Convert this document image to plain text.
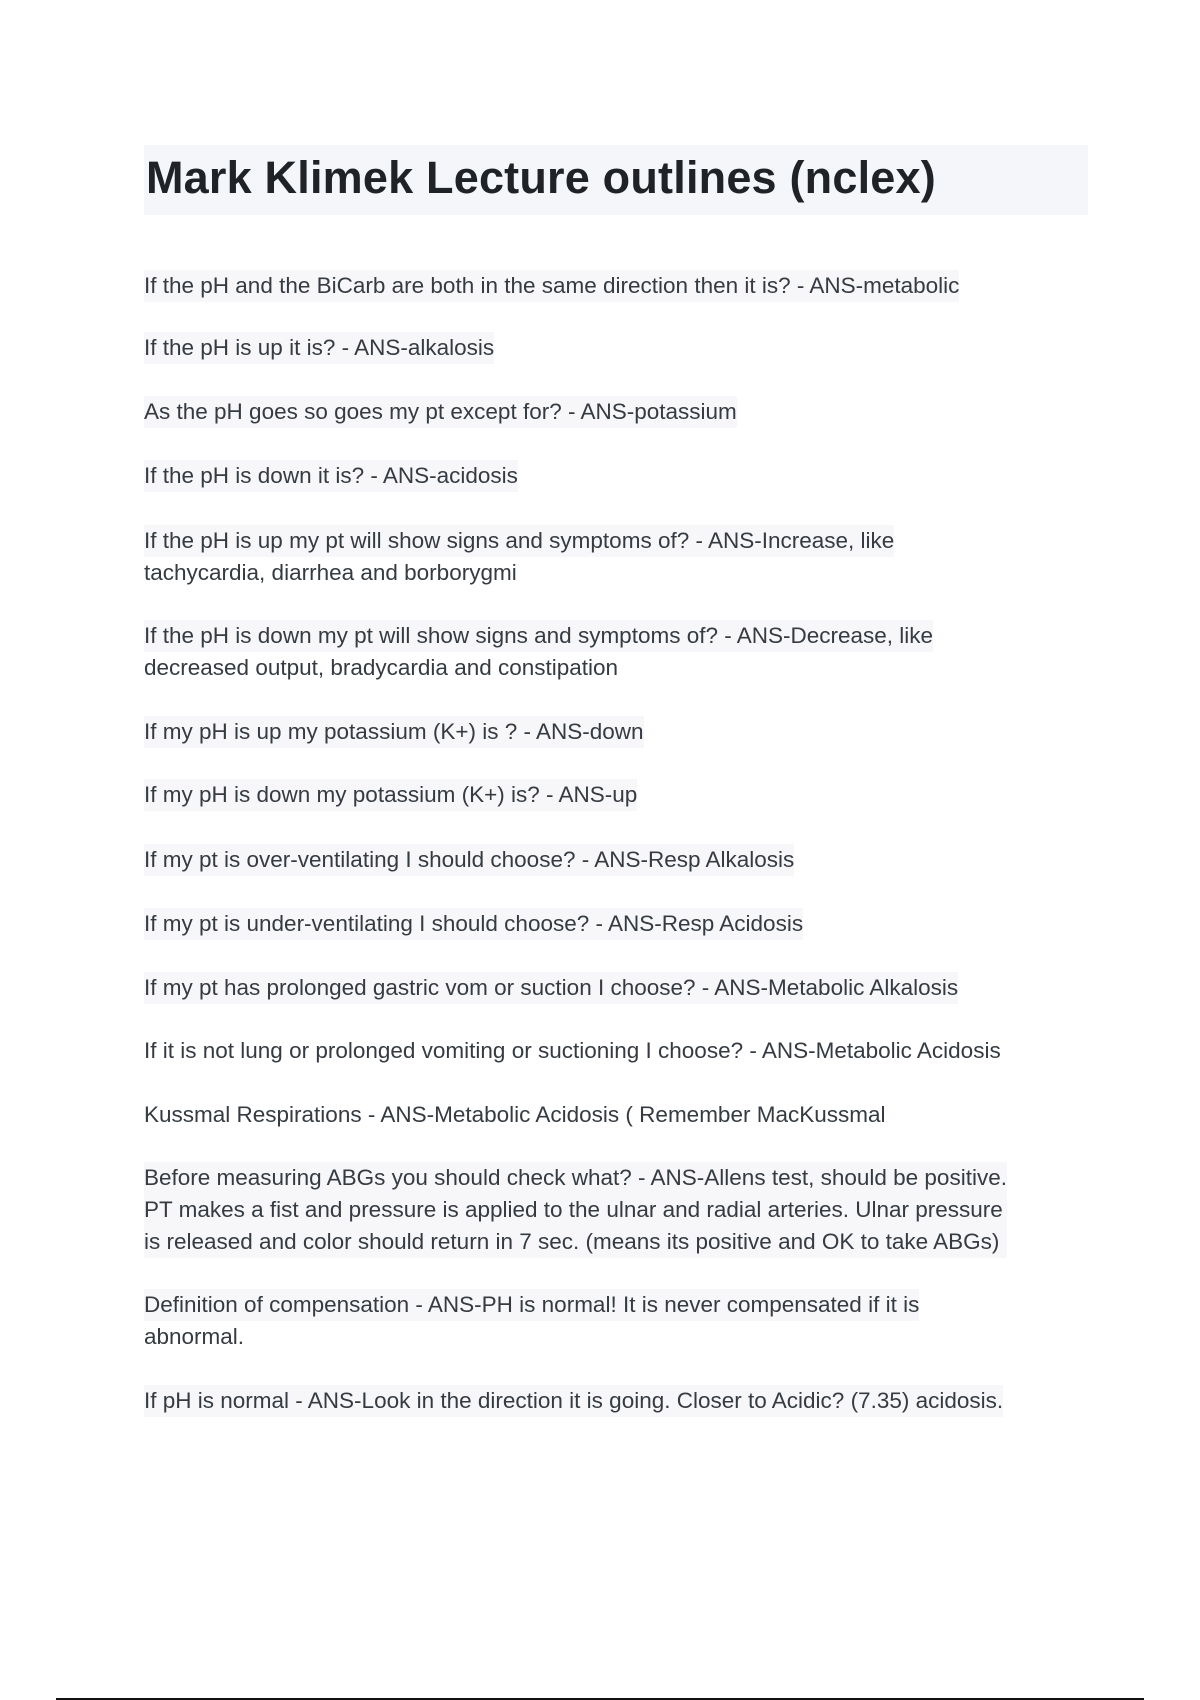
Mark Klimek Lecture outlines (nclex)
If the pH and the BiCarb are both in the same direction then it is? - ANS-metabolic
If the pH is up it is? - ANS-alkalosis
As the pH goes so goes my pt except for? - ANS-potassium
If the pH is down it is? - ANS-acidosis
If the pH is up my pt will show signs and symptoms of? - ANS-Increase, like
tachycardia, diarrhea and borborygmi
If the pH is down my pt will show signs and symptoms of? - ANS-Decrease, like
decreased output, bradycardia and constipation
If my pH is up my potassium (K+) is ? - ANS-down
If my pH is down my potassium (K+) is? - ANS-up
If my pt is over-ventilating I should choose? - ANS-Resp Alkalosis
If my pt is under-ventilating I should choose? - ANS-Resp Acidosis
If my pt has prolonged gastric vom or suction I choose? - ANS-Metabolic Alkalosis
If it is not lung or prolonged vomiting or suctioning I choose? - ANS-Metabolic Acidosis
Kussmal Respirations - ANS-Metabolic Acidosis ( Remember MacKussmal
Before measuring ABGs you should check what? - ANS-Allens test, should be positive.
PT makes a fist and pressure is applied to the ulnar and radial arteries. Ulnar pressure
is released and color should return in 7 sec. (means its positive and OK to take ABGs)
Definition of compensation - ANS-PH is normal! It is never compensated if it is
abnormal.
If pH is normal - ANS-Look in the direction it is going. Closer to Acidic? (7.35) acidosis.
